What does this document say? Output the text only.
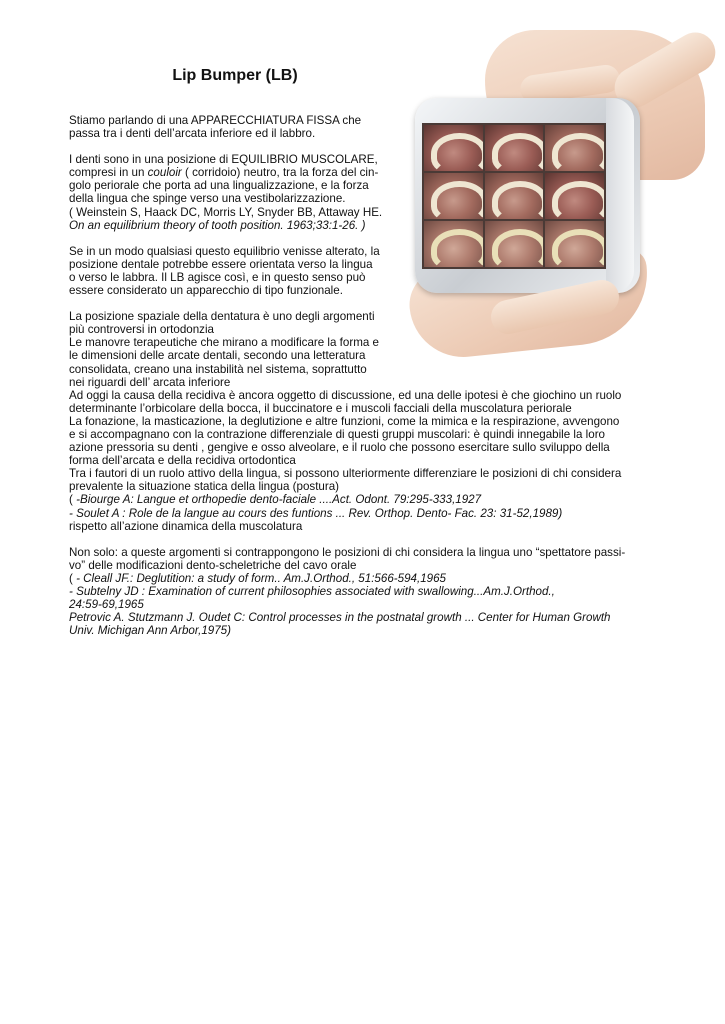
Lip Bumper (LB)

Stiamo parlando di una APPARECCHIATURA FISSA che

passa tra i denti dell’arcata inferiore ed il labbro.

I denti sono in una posizione di EQUILIBRIO MUSCOLARE,

compresi in un couloir ( corridoio) neutro, tra la forza del cin-

golo periorale che porta ad una lingualizzazione, e la forza

della lingua che spinge verso una vestibolarizzazione.

( Weinstein S, Haack DC, Morris LY, Snyder BB, Attaway HE.

On an equilibrium theory of tooth position. 1963;33:1-26. )

Se in un modo qualsiasi questo equilibrio venisse alterato, la

posizione dentale potrebbe essere orientata verso la lingua

o verso le labbra. Il LB agisce così, e in questo senso può

essere considerato un apparecchio di tipo funzionale.

La posizione spaziale della dentatura è uno degli argomenti

più controversi in ortodonzia

Le manovre terapeutiche che mirano a modificare la forma e

le dimensioni delle arcate dentali, secondo una letteratura

consolidata, creano una instabilità nel sistema, soprattutto

nei riguardi dell’ arcata inferiore

Ad oggi la causa della recidiva è ancora oggetto di discussione, ed una delle ipotesi è che giochino un ruolo

determinante l’orbicolare della bocca, il buccinatore e i muscoli facciali della muscolatura periorale

La fonazione, la masticazione, la deglutizione e altre funzioni, come la mimica e la respirazione, avvengono

e si accompagnano con la contrazione differenziale di questi gruppi muscolari: è quindi innegabile la loro

azione pressoria su denti , gengive e osso alveolare, e il ruolo che possono esercitare sullo sviluppo della

forma dell’arcata e della recidiva ortodontica

Tra i fautori di un ruolo attivo della lingua, si possono ulteriormente differenziare le posizioni di chi considera

prevalente la situazione statica della lingua (postura)

( -Biourge A: Langue et orthopedie dento-faciale ....Act. Odont. 79:295-333,1927

- Soulet A : Role de la langue au cours des funtions ... Rev. Orthop. Dento- Fac. 23: 31-52,1989)

rispetto all’azione dinamica della muscolatura

Non solo: a queste argomenti si contrappongono le posizioni di chi considera la lingua uno “spettatore passi-

vo” delle modificazioni dento-scheletriche del cavo orale

( - Cleall JF.: Deglutition: a study of form.. Am.J.Orthod., 51:566-594,1965

- Subtelny JD : Examination of current philosophies associated with swallowing...Am.J.Orthod.,

24:59-69,1965

Petrovic A. Stutzmann J. Oudet C: Control processes in the postnatal growth ... Center for Human Growth

Univ. Michigan Ann Arbor,1975)
